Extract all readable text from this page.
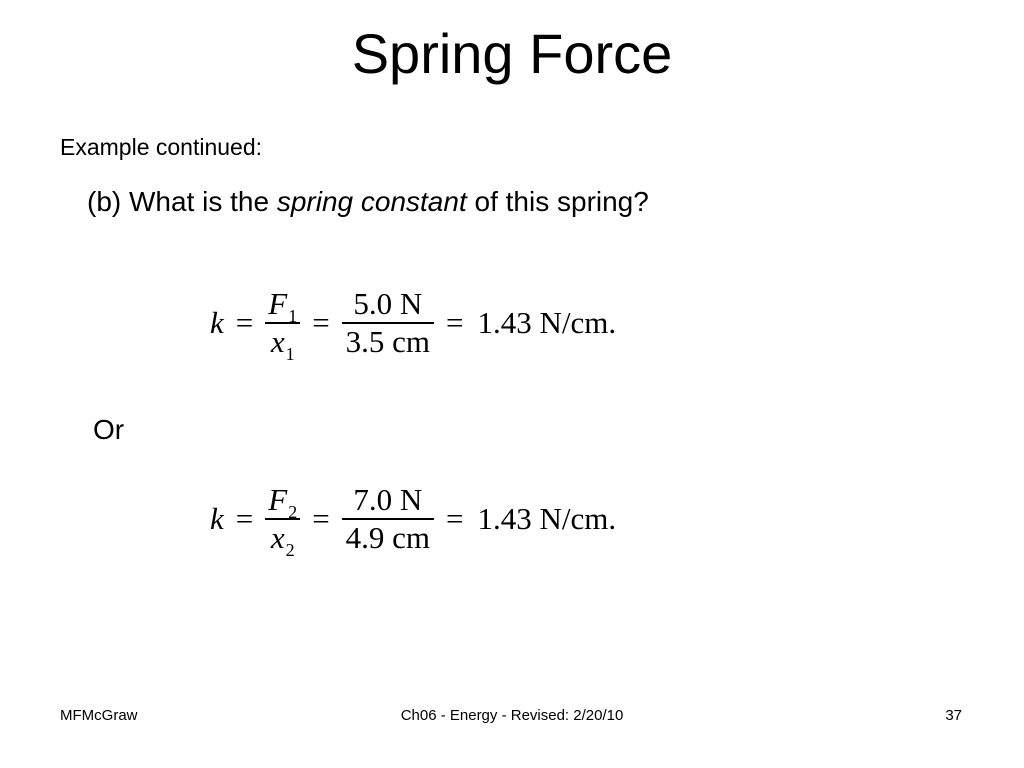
Spring Force
Example continued:
(b) What is the spring constant of this spring?
$k = \frac{F_1}{x_1} = \frac{5.0 N}{3.5 cm} = 1.43$ N/cm.
Or
$k = \frac{F_2}{x_2} = \frac{7.0 N}{4.9 cm} = 1.43$ N/cm.
MFMcGraw	Ch06 - Energy - Revised: 2/20/10	37
